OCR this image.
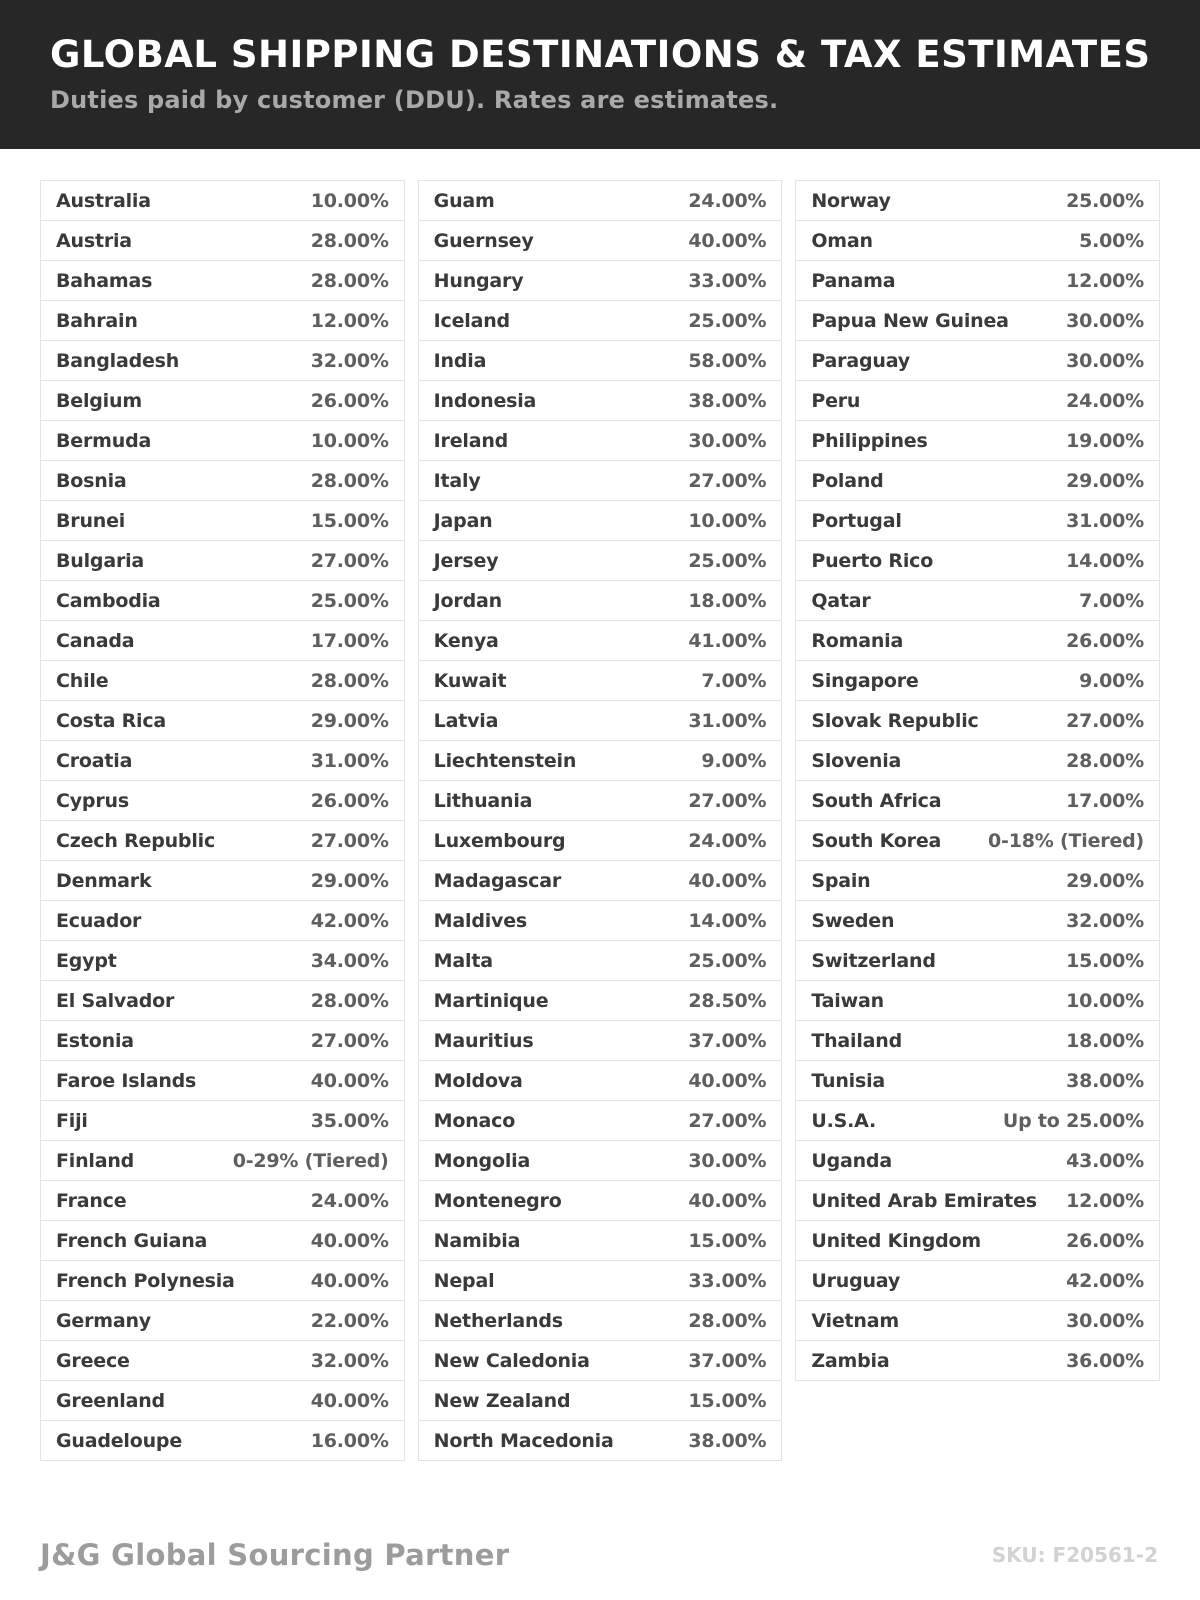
GLOBAL SHIPPING DESTINATIONS & TAX ESTIMATES
Duties paid by customer (DDU). Rates are estimates.
Australia	10.00%
Austria	28.00%
Bahamas	28.00%
Bahrain	12.00%
Bangladesh	32.00%
Belgium	26.00%
Bermuda	10.00%
Bosnia	28.00%
Brunei	15.00%
Bulgaria	27.00%
Cambodia	25.00%
Canada	17.00%
Chile	28.00%
Costa Rica	29.00%
Croatia	31.00%
Cyprus	26.00%
Czech Republic	27.00%
Denmark	29.00%
Ecuador	42.00%
Egypt	34.00%
El Salvador	28.00%
Estonia	27.00%
Faroe Islands	40.00%
Fiji	35.00%
Finland	0-29% (Tiered)
France	24.00%
French Guiana	40.00%
French Polynesia	40.00%
Germany	22.00%
Greece	32.00%
Greenland	40.00%
Guadeloupe	16.00%
Guam	24.00%
Guernsey	40.00%
Hungary	33.00%
Iceland	25.00%
India	58.00%
Indonesia	38.00%
Ireland	30.00%
Italy	27.00%
Japan	10.00%
Jersey	25.00%
Jordan	18.00%
Kenya	41.00%
Kuwait	7.00%
Latvia	31.00%
Liechtenstein	9.00%
Lithuania	27.00%
Luxembourg	24.00%
Madagascar	40.00%
Maldives	14.00%
Malta	25.00%
Martinique	28.50%
Mauritius	37.00%
Moldova	40.00%
Monaco	27.00%
Mongolia	30.00%
Montenegro	40.00%
Namibia	15.00%
Nepal	33.00%
Netherlands	28.00%
New Caledonia	37.00%
New Zealand	15.00%
North Macedonia	38.00%
Norway	25.00%
Oman	5.00%
Panama	12.00%
Papua New Guinea	30.00%
Paraguay	30.00%
Peru	24.00%
Philippines	19.00%
Poland	29.00%
Portugal	31.00%
Puerto Rico	14.00%
Qatar	7.00%
Romania	26.00%
Singapore	9.00%
Slovak Republic	27.00%
Slovenia	28.00%
South Africa	17.00%
South Korea 0-18% (Tiered)
Spain	29.00%
Sweden	32.00%
Switzerland	15.00%
Taiwan	10.00%
Thailand	18.00%
Tunisia	38.00%
U.S.A.	Up to 25.00%
Uganda	43.00%
United Arab Emirates 12.00%
United Kingdom	26.00%
Uruguay	42.00%
Vietnam	30.00%
Zambia	36.00%
J&G Global Sourcing Partner	SKU: F20561-2
